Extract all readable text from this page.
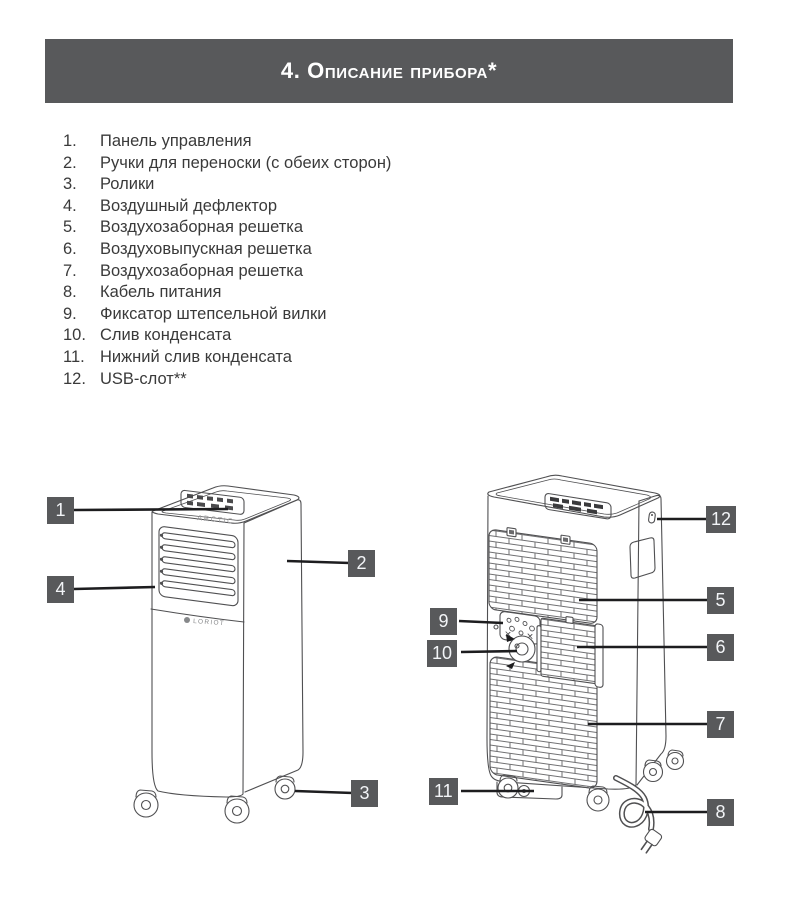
4. Описание прибора*
1.	Панель управления
2.	Ручки для переноски (с обеих сторон)
3.	Ролики
4.	Воздушный дефлектор
5.	Воздухозаборная решетка
6.	Воздуховыпускная решетка
7.	Воздухозаборная решетка
8.	Кабель питания
9.	Фиксатор штепсельной вилки
10. Слив конденсата
11. Нижний слив конденсата
12. USB-слот**
ARCTIC
LORIOT
1
4
2
3
9
10
11
12
5
6
7
8
